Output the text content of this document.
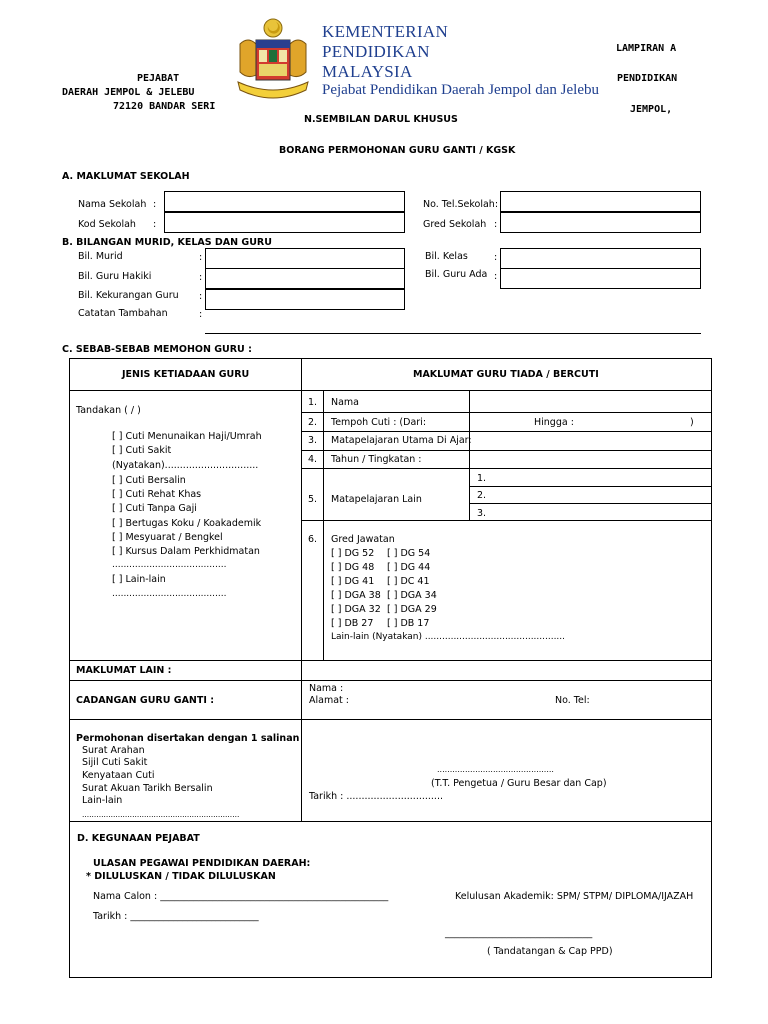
PEJABAT
DAERAH JEMPOL & JELEBU
72120 BANDAR SERI
KEMENTERIAN
PENDIDIKAN
MALAYSIA
Pejabat Pendidikan Daerah Jempol dan Jelebu
LAMPIRAN A
PENDIDIKAN
JEMPOL,
N.SEMBILAN DARUL KHUSUS
BORANG PERMOHONAN GURU GANTI / KGSK
A. MAKLUMAT SEKOLAH
Nama Sekolah :
Kod Sekolah :
No. Tel.Sekolah:
Gred Sekolah :
B. BILANGAN MURID, KELAS DAN GURU
Bil. Murid	:
Bil. Guru Hakiki	:
Bil. Kekurangan Guru :
Catatan Tambahan	:
Bil. Kelas	:
Bil. Guru Ada :
C. SEBAB-SEBAB MEMOHON GURU :
JENIS KETIADAAN GURU	MAKLUMAT GURU TIADA / BERCUTI
Tandakan ( / )
[ ] Cuti Menunaikan Haji/Umrah
[ ] Cuti Sakit
(Nyatakan)...............................
[ ] Cuti Bersalin
[ ] Cuti Rehat Khas
[ ] Cuti Tanpa Gaji
[ ] Bertugas Koku / Koakademik
[ ] Mesyuarat / Bengkel
[ ] Kursus Dalam Perkhidmatan
........................................
[ ] Lain-lain
........................................
1. Nama
2. Tempoh Cuti : (Dari:	Hingga :	)
3. Matapelajaran Utama Di Ajar:
4. Tahun / Tingkatan :
5. Matapelajaran Lain
1.
2.
3.
6. Gred Jawatan
[ ] DG 52 [ ] DG 54
[ ] DG 48 [ ] DG 44
[ ] DG 41 [ ] DC 41
[ ] DGA 38 [ ] DGA 34
[ ] DGA 32 [ ] DGA 29
[ ] DB 27 [ ] DB 17
Lain-lain (Nyatakan) .................................................
MAKLUMAT LAIN :
CADANGAN GURU GANTI :
Nama :
Alamat :	No. Tel:
Permohonan disertakan dengan 1 salinan
Surat Arahan
Sijil Cuti Sakit
Kenyataan Cuti
Surat Akuan Tarikh Bersalin
Lain-lain
..................................................................
..............................................
(T.T. Pengetua / Guru Besar dan Cap)
Tarikh : ................................
D. KEGUNAAN PEJABAT
ULASAN PEGAWAI PENDIDIKAN DAERAH:
* DILULUSKAN / TIDAK DILULUSKAN
Nama Calon : ________________________________________________	Kelulusan Akademik: SPM/ STPM/ DIPLOMA/IJAZAH
Tarikh : ___________________________
_______________________________
( Tandatangan & Cap PPD)
